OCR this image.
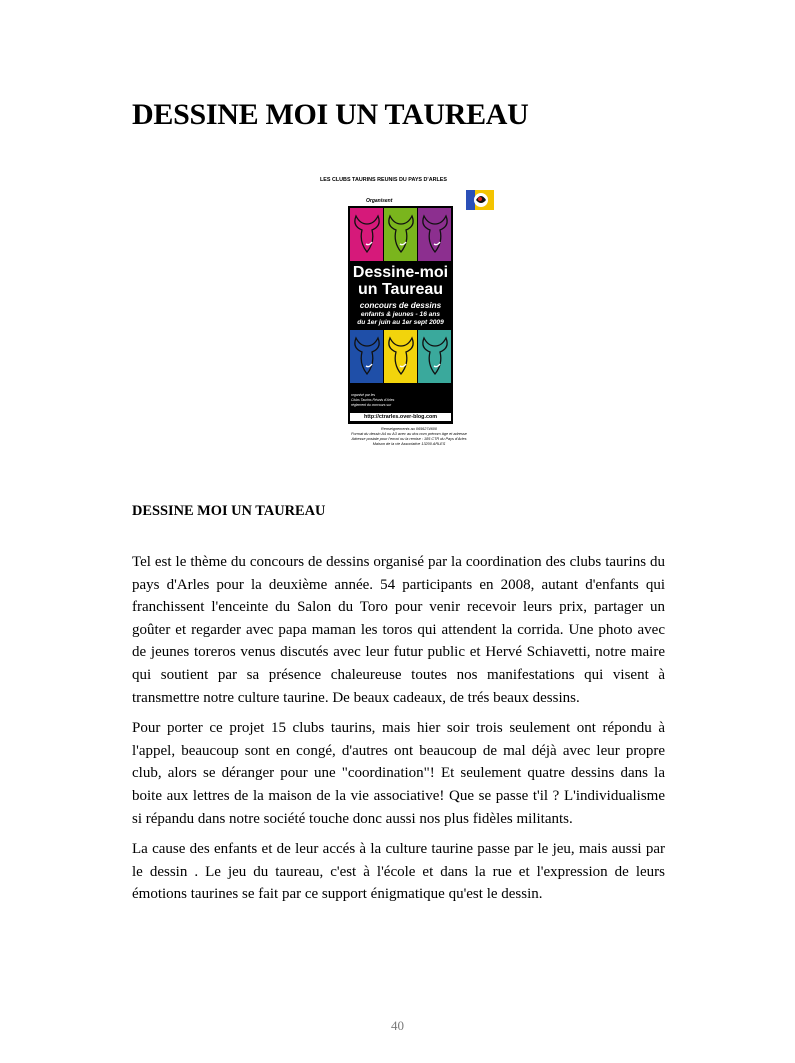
DESSINE MOI UN TAUREAU
LES CLUBS TAURINS REUNIS DU PAYS D'ARLES
Organisent
Dessine-moi
un Taureau
concours de dessins
enfants & jeunes - 16 ans
du 1er juin au 1er sept 2009
organisé par les
Clubs Taurins Réunis d'Arles
règlement du concours sur
http://ctrarles.over-blog.com
Renseignements au 0656274600
Format du dessin A4 ou A3 avec au dos nom prénom âge et adresse
Adresse postale pour l'envoi ou la remise : 185 CTR du Pays d'Arles
Maison de la vie Associative 13200 ARLES
DESSINE MOI UN TAUREAU

Tel est le thème du concours de dessins organisé par la coordination des clubs taurins du pays d'Arles pour la deuxième année. 54 participants en 2008, autant d'enfants qui franchissent l'enceinte du Salon du Toro pour venir recevoir leurs prix, partager un goûter et regarder avec papa maman les toros qui attendent la corrida. Une photo avec de jeunes toreros venus discutés avec leur futur public et Hervé Schiavetti, notre maire qui soutient par sa présence chaleureuse toutes nos manifestations qui visent à transmettre notre culture taurine. De beaux cadeaux, de trés beaux dessins.

Pour porter ce projet 15 clubs taurins, mais hier soir trois seulement ont répondu à l'appel, beaucoup sont en congé, d'autres ont beaucoup de mal déjà avec leur propre club, alors se déranger pour une "coordination"! Et seulement quatre dessins dans la boite aux lettres de la maison de la vie associative! Que se passe t'il ? L'individualisme si répandu dans notre société touche donc aussi nos plus fidèles militants.

La cause des enfants et de leur accés à la culture taurine passe par le jeu, mais aussi par le dessin . Le jeu du taureau, c'est à l'école et dans la rue et l'expression de leurs émotions taurines se fait par ce support énigmatique qu'est le dessin.

40
